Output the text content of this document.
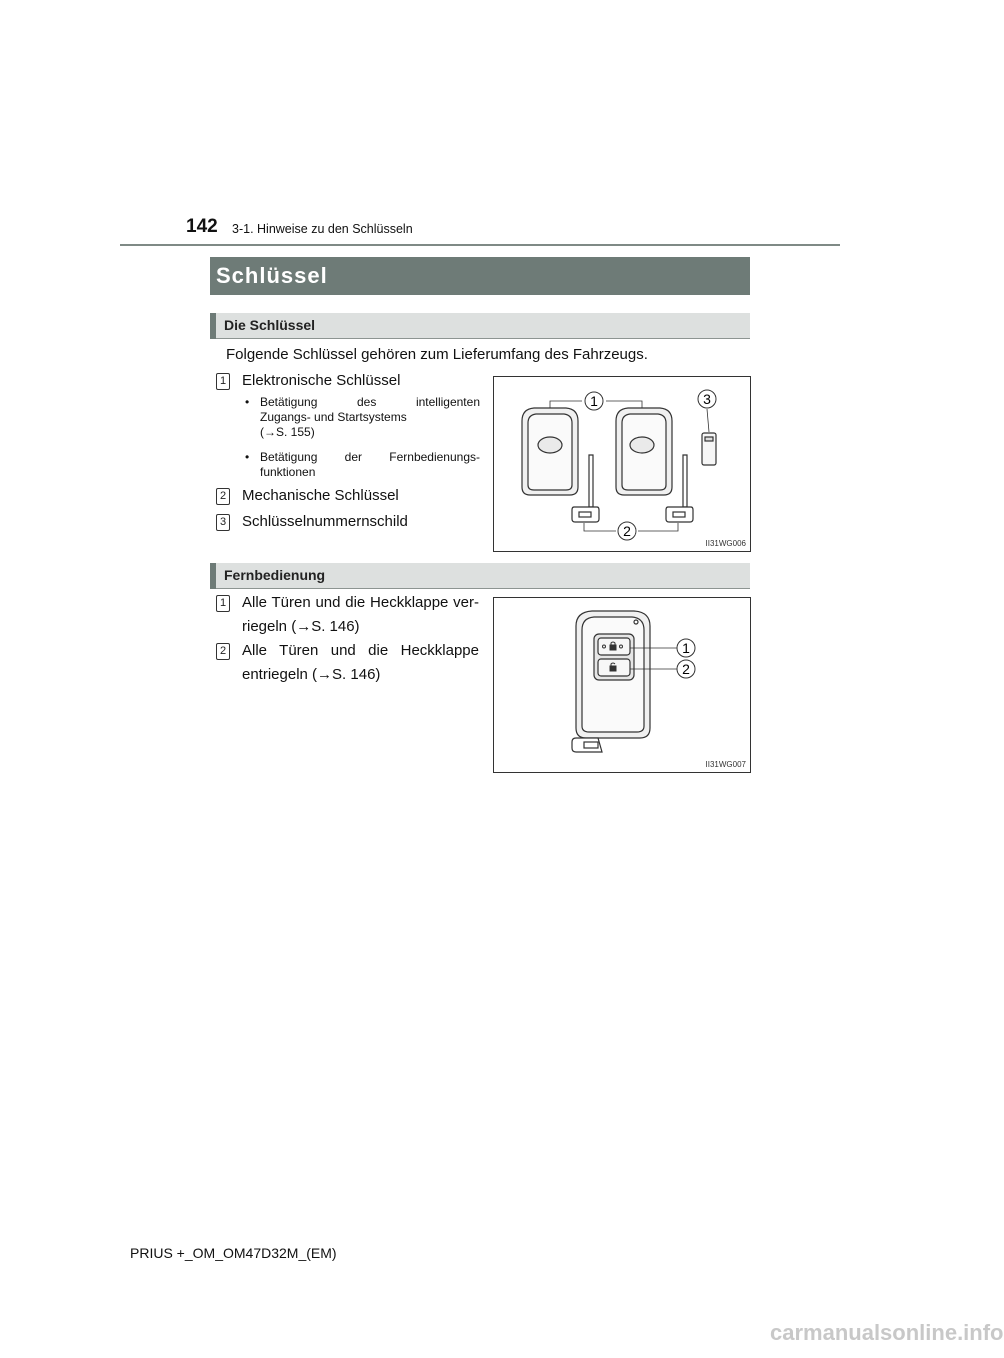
142 3-1. Hinweise zu den Schlüsseln
Schlüssel
Die Schlüssel
Folgende Schlüssel gehören zum Lieferumfang des Fahrzeugs.
1 Elektronische Schlüssel
• Betätigung des intelligenten
Zugangs- und Startsystems
(→S. 155)
• Betätigung der Fernbedienungs-
funktionen
2 Mechanische Schlüssel
3 Schlüsselnummernschild
1
2
3
II31WG006
Fernbedienung
1 Alle Türen und die Heckklappe ver-
riegeln (→S. 146)
2 Alle Türen und die Heckklappe
entriegeln (→S. 146)
1
2
II31WG007
PRIUS +_OM_OM47D32M_(EM)
carmanualsonline.info
